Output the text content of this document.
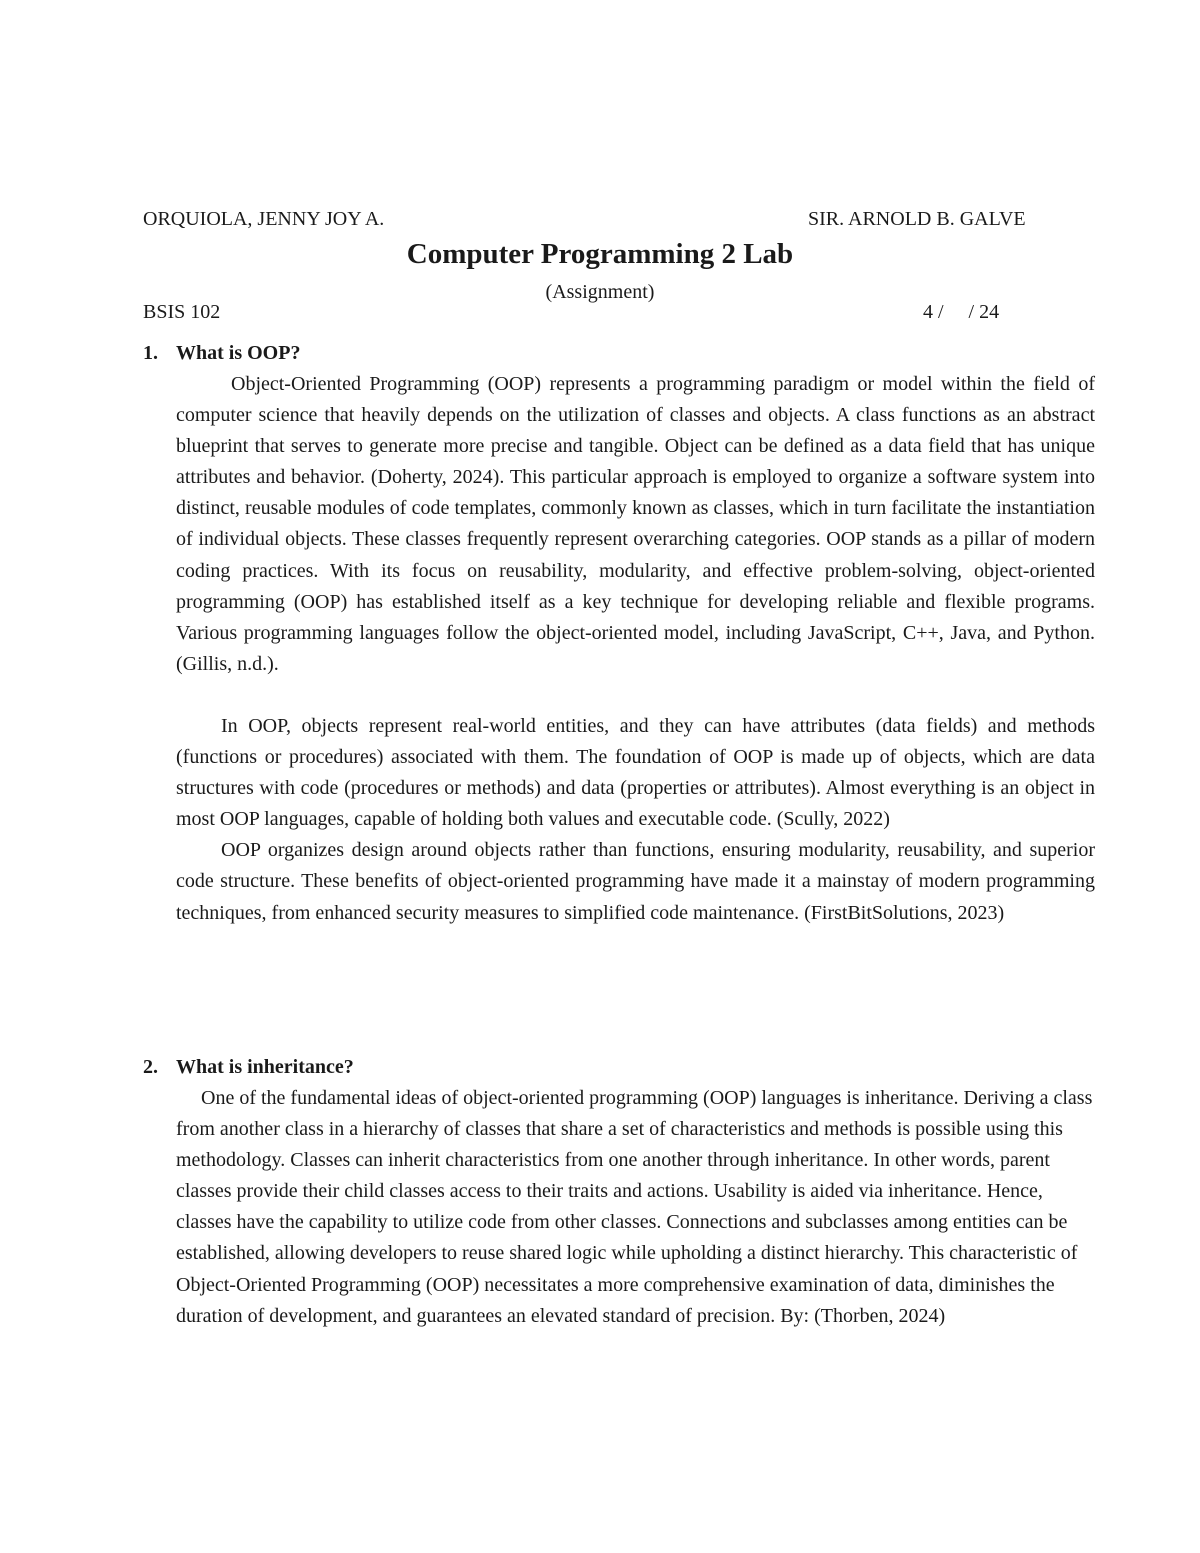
ORQUIOLA, JENNY JOY A.

BSIS 102

SIR. ARNOLD B. GALVE

4 /     / 24

Computer Programming 2 Lab
(Assignment)

1. What is OOP?

Object-Oriented Programming (OOP) represents a programming paradigm or model within the field of computer science that heavily depends on the utilization of classes and objects. A class functions as an abstract blueprint that serves to generate more precise and tangible. Object can be defined as a data field that has unique attributes and behavior. (Doherty, 2024). This particular approach is employed to organize a software system into distinct, reusable modules of code templates, commonly known as classes, which in turn facilitate the instantiation of individual objects. These classes frequently represent overarching categories. OOP stands as a pillar of modern coding practices. With its focus on reusability, modularity, and effective problem-solving, object-oriented programming (OOP) has established itself as a key technique for developing reliable and flexible programs. Various programming languages follow the object-oriented model, including JavaScript, C++, Java, and Python. (Gillis, n.d.).

In OOP, objects represent real-world entities, and they can have attributes (data fields) and methods (functions or procedures) associated with them. The foundation of OOP is made up of objects, which are data structures with code (procedures or methods) and data (properties or attributes). Almost everything is an object in most OOP languages, capable of holding both values and executable code. (Scully, 2022)

OOP organizes design around objects rather than functions, ensuring modularity, reusability, and superior code structure. These benefits of object-oriented programming have made it a mainstay of modern programming techniques, from enhanced security measures to simplified code maintenance. (FirstBitSolutions, 2023)

2. What is inheritance?

One of the fundamental ideas of object-oriented programming (OOP) languages is inheritance. Deriving a class from another class in a hierarchy of classes that share a set of characteristics and methods is possible using this methodology. Classes can inherit characteristics from one another through inheritance. In other words, parent classes provide their child classes access to their traits and actions. Usability is aided via inheritance. Hence, classes have the capability to utilize code from other classes. Connections and subclasses among entities can be established, allowing developers to reuse shared logic while upholding a distinct hierarchy. This characteristic of Object-Oriented Programming (OOP) necessitates a more comprehensive examination of data, diminishes the duration of development, and guarantees an elevated standard of precision. By: (Thorben, 2024)
